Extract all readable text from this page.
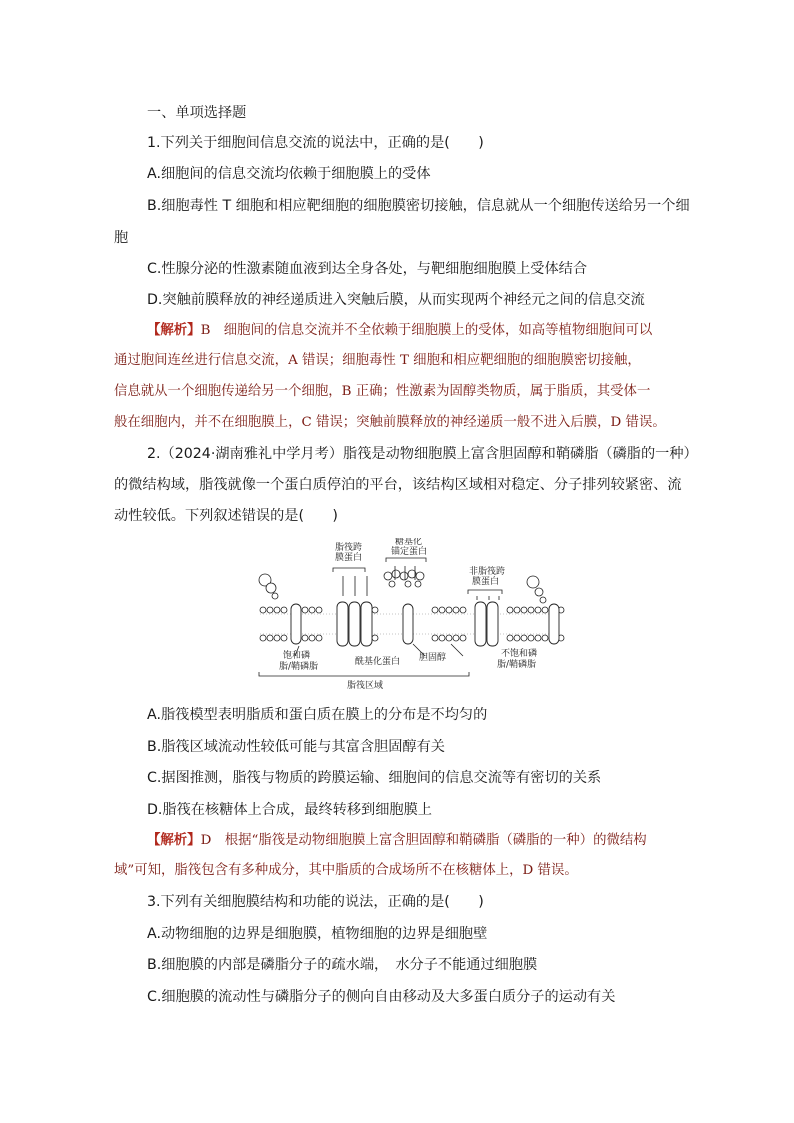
一、单项选择题
1.下列关于细胞间信息交流的说法中，正确的是(　　)
A.细胞间的信息交流均依赖于细胞膜上的受体
B.细胞毒性 T 细胞和相应靶细胞的细胞膜密切接触，信息就从一个细胞传送给另一个细
胞
C.性腺分泌的性激素随血液到达全身各处，与靶细胞细胞膜上受体结合
D.突触前膜释放的神经递质进入突触后膜，从而实现两个神经元之间的信息交流
【解析】B　细胞间的信息交流并不全依赖于细胞膜上的受体，如高等植物细胞间可以
通过胞间连丝进行信息交流，A 错误；细胞毒性 T 细胞和相应靶细胞的细胞膜密切接触，
信息就从一个细胞传递给另一个细胞，B 正确；性激素为固醇类物质，属于脂质，其受体一
般在细胞内，并不在细胞膜上，C 错误；突触前膜释放的神经递质一般不进入后膜，D 错误。
2.（2024·湖南雅礼中学月考）脂筏是动物细胞膜上富含胆固醇和鞘磷脂（磷脂的一种）
的微结构域，脂筏就像一个蛋白质停泊的平台，该结构区域相对稳定、分子排列较紧密、流
动性较低。下列叙述错误的是(　　)
脂筏跨膜蛋白
糖基化锚定蛋白
非脂筏跨膜蛋白
饱和磷脂/鞘磷脂	酰基化蛋白 胆固醇	不饱和磷脂/鞘磷脂
脂筏区域
A.脂筏模型表明脂质和蛋白质在膜上的分布是不均匀的
B.脂筏区域流动性较低可能与其富含胆固醇有关
C.据图推测，脂筏与物质的跨膜运输、细胞间的信息交流等有密切的关系
D.脂筏在核糖体上合成，最终转移到细胞膜上
【解析】D　根据“脂筏是动物细胞膜上富含胆固醇和鞘磷脂（磷脂的一种）的微结构
域”可知，脂筏包含有多种成分，其中脂质的合成场所不在核糖体上，D 错误。
3.下列有关细胞膜结构和功能的说法，正确的是(　　)
A.动物细胞的边界是细胞膜，植物细胞的边界是细胞壁
B.细胞膜的内部是磷脂分子的疏水端，　水分子不能通过细胞膜
C.细胞膜的流动性与磷脂分子的侧向自由移动及大多蛋白质分子的运动有关
